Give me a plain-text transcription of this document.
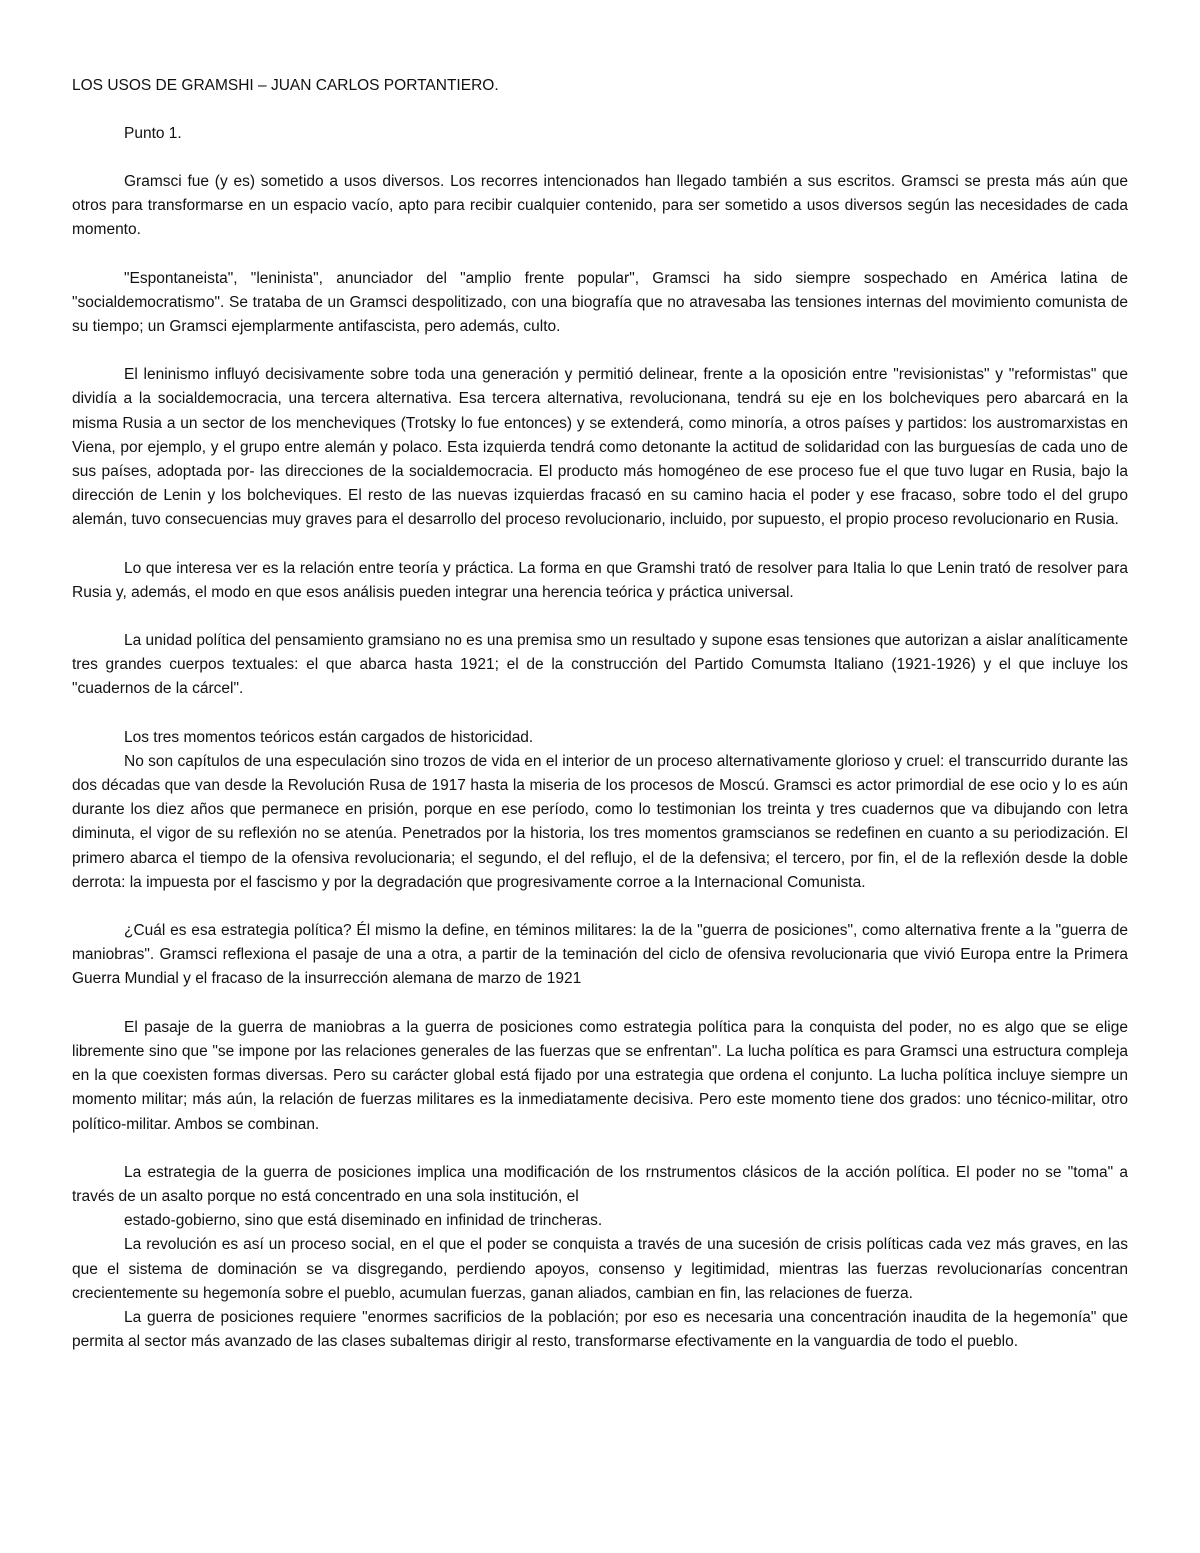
LOS USOS DE GRAMSHI – JUAN CARLOS PORTANTIERO.
Punto 1.

Gramsci fue (y es) sometido a usos diversos. Los recorres intencionados han llegado también a sus escritos. Gramsci se presta más aún que otros para transformarse en un espacio vacío, apto para recibir cualquier contenido, para ser sometido a usos diversos según las necesidades de cada momento.

"Espontaneista", "leninista", anunciador del "amplio frente popular", Gramsci ha sido siempre sospechado en América latina de "socialdemocratismo". Se trataba de un Gramsci despolitizado, con una biografía que no atravesaba las tensiones internas del movimiento comunista de su tiempo; un Gramsci ejemplarmente antifascista, pero además, culto.

El leninismo influyó decisivamente sobre toda una generación y permitió delinear, frente a la oposición entre "revisionistas" y "reformistas" que dividía a la socialdemocracia, una tercera alternativa. Esa tercera alternativa, revolucionana, tendrá su eje en los bolcheviques pero abarcará en la misma Rusia a un sector de los mencheviques (Trotsky lo fue entonces) y se extenderá, como minoría, a otros países y partidos: los austromarxistas en Viena, por ejemplo, y el grupo entre alemán y polaco. Esta izquierda tendrá como detonante la actitud de solidaridad con las burguesías de cada uno de sus países, adoptada por- las direcciones de la socialdemocracia. El producto más homogéneo de ese proceso fue el que tuvo lugar en Rusia, bajo la dirección de Lenin y los bolcheviques. El resto de las nuevas izquierdas fracasó en su camino hacia el poder y ese fracaso, sobre todo el del grupo alemán, tuvo consecuencias muy graves para el desarrollo del proceso revolucionario, incluido, por supuesto, el propio proceso revolucionario en Rusia.

Lo que interesa ver es la relación entre teoría y práctica. La forma en que Gramshi trató de resolver para Italia lo que Lenin trató de resolver para Rusia y, además, el modo en que esos análisis pueden integrar una herencia teórica y práctica universal.

La unidad política del pensamiento gramsiano no es una premisa smo un resultado y supone esas tensiones que autorizan a aislar analíticamente tres grandes cuerpos textuales: el que abarca hasta 1921; el de la construcción del Partido Comumsta Italiano (1921-1926) y el que incluye los "cuadernos de la cárcel".

Los tres momentos teóricos están cargados de historicidad.

No son capítulos de una especulación sino trozos de vida en el interior de un proceso alternativamente glorioso y cruel: el transcurrido durante las dos décadas que van desde la Revolución Rusa de 1917 hasta la miseria de los procesos de Moscú. Gramsci es actor primordial de ese ocio y lo es aún durante los diez años que permanece en prisión, porque en ese período, como lo testimonian los treinta y tres cuadernos que va dibujando con letra diminuta, el vigor de su reflexión no se atenúa. Penetrados por la historia, los tres momentos gramscianos se redefinen en cuanto a su periodización. El primero abarca el tiempo de la ofensiva revolucionaria; el segundo, el del reflujo, el de la defensiva; el tercero, por fin, el de la reflexión desde la doble derrota: la impuesta por el fascismo y por la degradación que progresivamente corroe a la Internacional Comunista.

¿Cuál es esa estrategia política? Él mismo la define, en téminos militares: la de la "guerra de posiciones", como alternativa frente a la "guerra de maniobras". Gramsci reflexiona el pasaje de una a otra, a partir de la teminación del ciclo de ofensiva revolucionaria que vivió Europa entre la Primera Guerra Mundial y el fracaso de la insurrección alemana de marzo de 1921

El pasaje de la guerra de maniobras a la guerra de posiciones como estrategia política para la conquista del poder, no es algo que se elige libremente sino que "se impone por las relaciones generales de las fuerzas que se enfrentan". La lucha política es para Gramsci una estructura compleja en la que coexisten formas diversas. Pero su carácter global está fijado por una estrategia que ordena el conjunto. La lucha política incluye siempre un momento militar; más aún, la relación de fuerzas militares es la inmediatamente decisiva. Pero este momento tiene dos grados: uno técnico-militar, otro político-militar. Ambos se combinan.

La estrategia de la guerra de posiciones implica una modificación de los rnstrumentos clásicos de la acción política. El poder no se "toma" a través de un asalto porque no está concentrado en una sola institución, el

estado-gobierno, sino que está diseminado en infinidad de trincheras.

La revolución es así un proceso social, en el que el poder se conquista a través de una sucesión de crisis políticas cada vez más graves, en las que el sistema de dominación se va disgregando, perdiendo apoyos, consenso y legitimidad, mientras las fuerzas revolucionarías concentran crecientemente su hegemonía sobre el pueblo, acumulan fuerzas, ganan aliados, cambian en fin, las relaciones de fuerza.

La guerra de posiciones requiere "enormes sacrificios de la población; por eso es necesaria una concentración inaudita de la hegemonía" que permita al sector más avanzado de las clases subaltemas dirigir al resto, transformarse efectivamente en la vanguardia de todo el pueblo.
